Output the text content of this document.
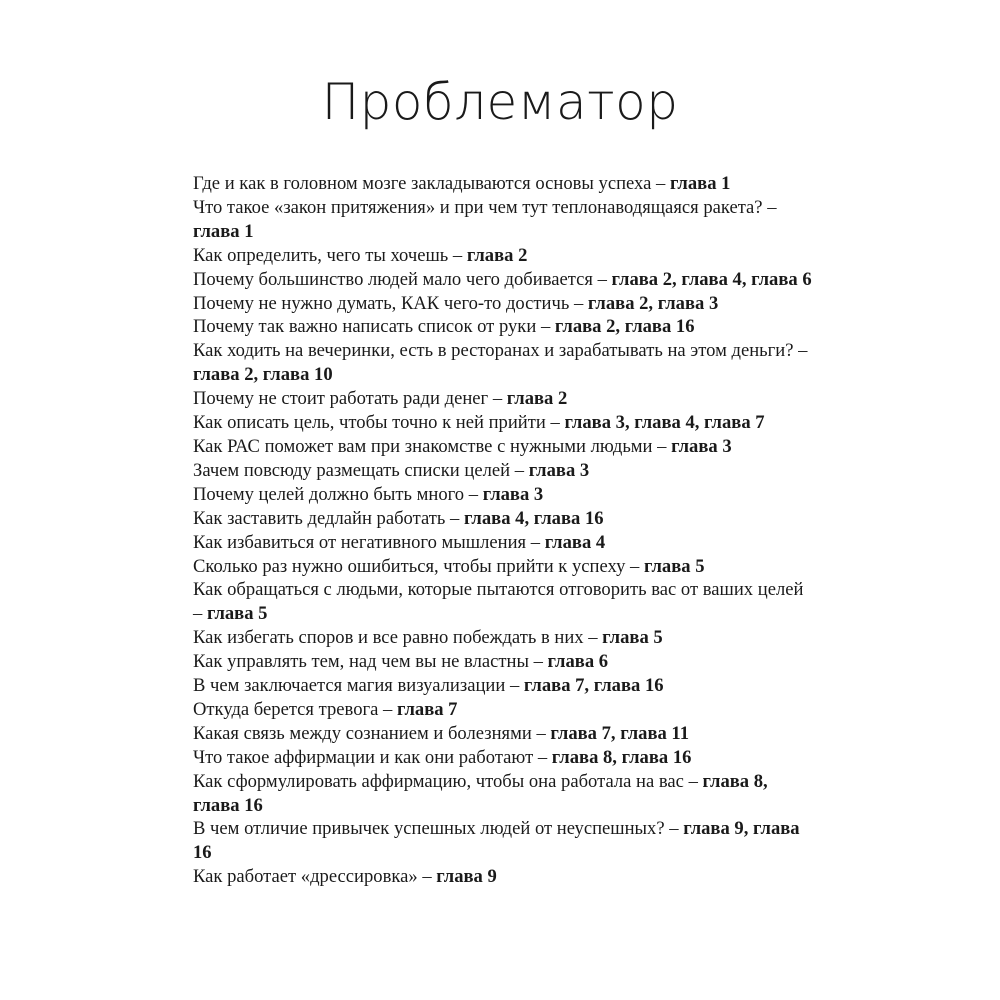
Проблематор
Где и как в головном мозге закладываются основы успеха – глава 1
Что такое «закон притяжения» и при чем тут теплонаводящаяся ракета? – глава 1
Как определить, чего ты хочешь – глава 2
Почему большинство людей мало чего добивается – глава 2, глава 4, глава 6
Почему не нужно думать, КАК чего-то достичь – глава 2, глава 3
Почему так важно написать список от руки – глава 2, глава 16
Как ходить на вечеринки, есть в ресторанах и зарабатывать на этом деньги? – глава 2, глава 10
Почему не стоит работать ради денег – глава 2
Как описать цель, чтобы точно к ней прийти – глава 3, глава 4, глава 7
Как РАС поможет вам при знакомстве с нужными людьми – глава 3
Зачем повсюду размещать списки целей – глава 3
Почему целей должно быть много – глава 3
Как заставить дедлайн работать – глава 4, глава 16
Как избавиться от негативного мышления – глава 4
Сколько раз нужно ошибиться, чтобы прийти к успеху – глава 5
Как обращаться с людьми, которые пытаются отговорить вас от ваших целей – глава 5
Как избегать споров и все равно побеждать в них – глава 5
Как управлять тем, над чем вы не властны – глава 6
В чем заключается магия визуализации – глава 7, глава 16
Откуда берется тревога – глава 7
Какая связь между сознанием и болезнями – глава 7, глава 11
Что такое аффирмации и как они работают – глава 8, глава 16
Как сформулировать аффирмацию, чтобы она работала на вас – глава 8, глава 16
В чем отличие привычек успешных людей от неуспешных? – глава 9, глава 16
Как работает «дрессировка» – глава 9
